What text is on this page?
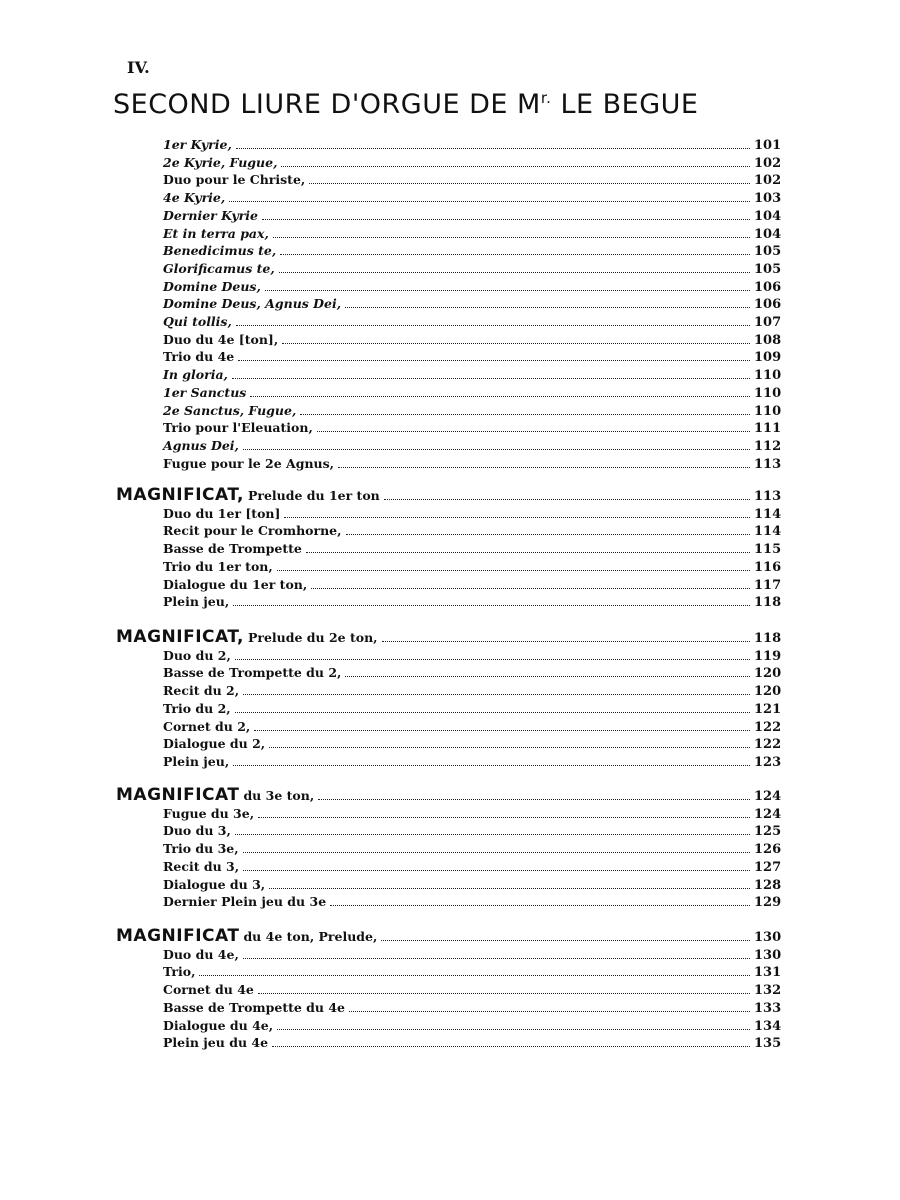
IV.
SECOND LIURE D'ORGUE DE $M^{r.}$ LE BEGUE
1er Kyrie,	101
2e Kyrie, Fugue,	102
Duo pour le Christe,	102
4e Kyrie,	103
Dernier Kyrie	104
Et in terra pax,	104
Benedicimus te,	105
Glorificamus te,	105
Domine Deus,	106
Domine Deus, Agnus Dei,	106
Qui tollis,	107
Duo du 4e [ton],	108
Trio du 4e	109
In gloria,	110
1er Sanctus	110
2e Sanctus, Fugue,	110
Trio pour l'Eleuation,	111
Agnus Dei,	112
Fugue pour le 2e Agnus,	113
MAGNIFICAT, Prelude du 1er ton	113
Duo du 1er [ton]	114
Recit pour le Cromhorne,	114
Basse de Trompette	115
Trio du 1er ton,	116
Dialogue du 1er ton,	117
Plein jeu,	118
MAGNIFICAT, Prelude du 2e ton,	118
Duo du 2,	119
Basse de Trompette du 2,	120
Recit du 2,	120
Trio du 2,	121
Cornet du 2,	122
Dialogue du 2,	122
Plein jeu,	123
MAGNIFICAT du 3e ton,	124
Fugue du 3e,	124
Duo du 3,	125
Trio du 3e,	126
Recit du 3,	127
Dialogue du 3,	128
Dernier Plein jeu du 3e	129
MAGNIFICAT du 4e ton, Prelude,	130
Duo du 4e,	130
Trio,	131
Cornet du 4e	132
Basse de Trompette du 4e	133
Dialogue du 4e,	134
Plein jeu du 4e	135
